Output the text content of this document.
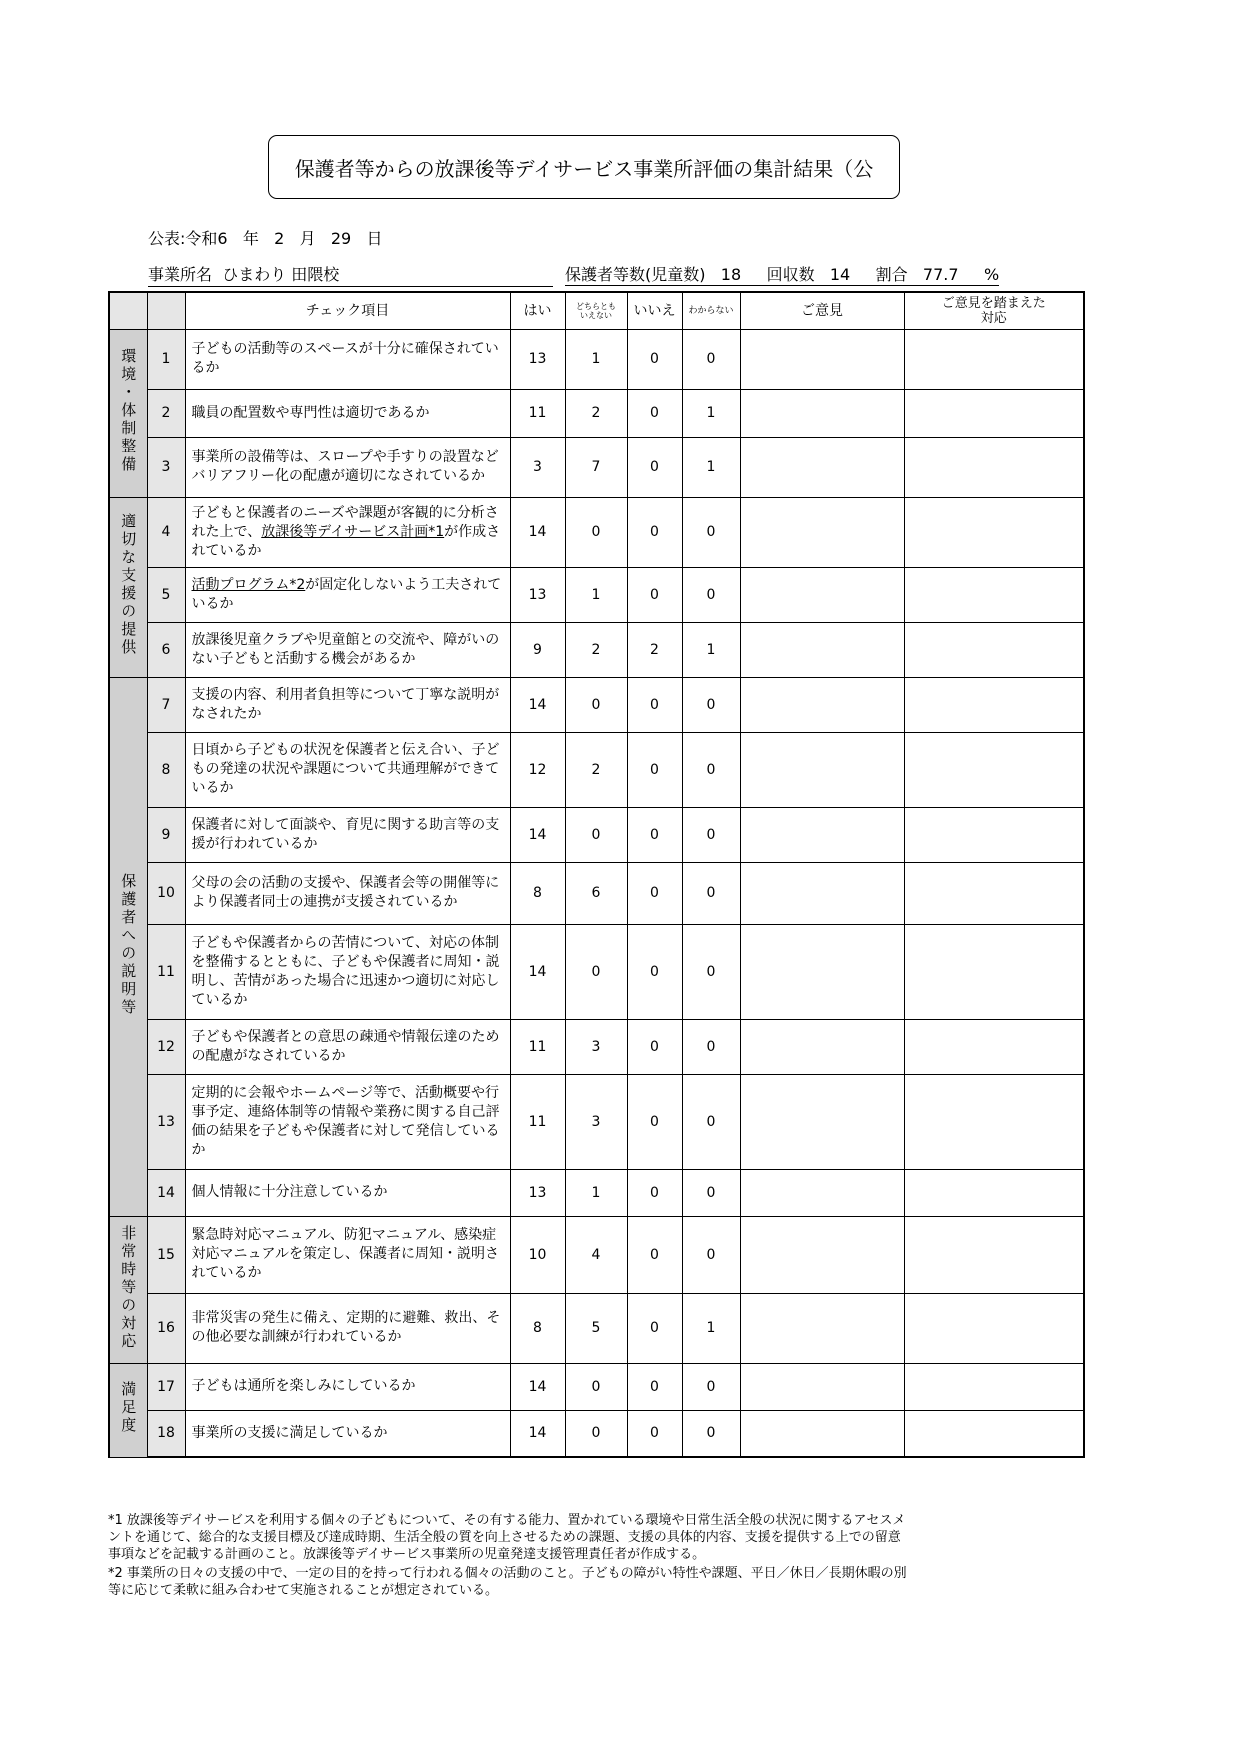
保護者等からの放課後等デイサービス事業所評価の集計結果（公
公表:令和6 年 2 月 29 日
事業所名 ひまわり 田隈校	保護者等数(児童数) 18 回収数 14 割合 77.7 %
		チェック項目	はい	どちらとも
いえない	いいえ	わからない	ご意見	ご意見を踏まえた
対応
環境・体制整備	1	子どもの活動等のスペースが十分に確保されているか	13	1	0	0		
	2	職員の配置数や専門性は適切であるか	11	2	0	1		
	3	事業所の設備等は、スロープや手すりの設置などバリアフリー化の配慮が適切になされているか	3	7	0	1		
適切な支援の提供	4	子どもと保護者のニーズや課題が客観的に分析された上で、放課後等デイサービス計画*1が作成されているか	14	0	0	0		
	5	活動プログラム*2が固定化しないよう工夫されているか	13	1	0	0		
	6	放課後児童クラブや児童館との交流や、障がいのない子どもと活動する機会があるか	9	2	2	1		
保護者への説明等	7	支援の内容、利用者負担等について丁寧な説明がなされたか	14	0	0	0		
	8	日頃から子どもの状況を保護者と伝え合い、子どもの発達の状況や課題について共通理解ができているか	12	2	0	0		
	9	保護者に対して面談や、育児に関する助言等の支援が行われているか	14	0	0	0		
	10	父母の会の活動の支援や、保護者会等の開催等により保護者同士の連携が支援されているか	8	6	0	0		
	11	子どもや保護者からの苦情について、対応の体制を整備するとともに、子どもや保護者に周知・説明し、苦情があった場合に迅速かつ適切に対応しているか	14	0	0	0		
	12	子どもや保護者との意思の疎通や情報伝達のための配慮がなされているか	11	3	0	0		
	13	定期的に会報やホームページ等で、活動概要や行事予定、連絡体制等の情報や業務に関する自己評価の結果を子どもや保護者に対して発信しているか	11	3	0	0		
	14	個人情報に十分注意しているか	13	1	0	0		
非常時等の対応	15	緊急時対応マニュアル、防犯マニュアル、感染症対応マニュアルを策定し、保護者に周知・説明されているか	10	4	0	0		
	16	非常災害の発生に備え、定期的に避難、救出、その他必要な訓練が行われているか	8	5	0	1		
満足度	17	子どもは通所を楽しみにしているか	14	0	0	0		
	18	事業所の支援に満足しているか	14	0	0	0		

*1 放課後等デイサービスを利用する個々の子どもについて、その有する能力、置かれている環境や日常生活全般の状況に関するアセスメントを通じて、総合的な支援目標及び達成時期、生活全般の質を向上させるための課題、支援の具体的内容、支援を提供する上での留意事項などを記載する計画のこと。放課後等デイサービス事業所の児童発達支援管理責任者が作成する。

*2 事業所の日々の支援の中で、一定の目的を持って行われる個々の活動のこと。子どもの障がい特性や課題、平日／休日／長期休暇の別等に応じて柔軟に組み合わせて実施されることが想定されている。
